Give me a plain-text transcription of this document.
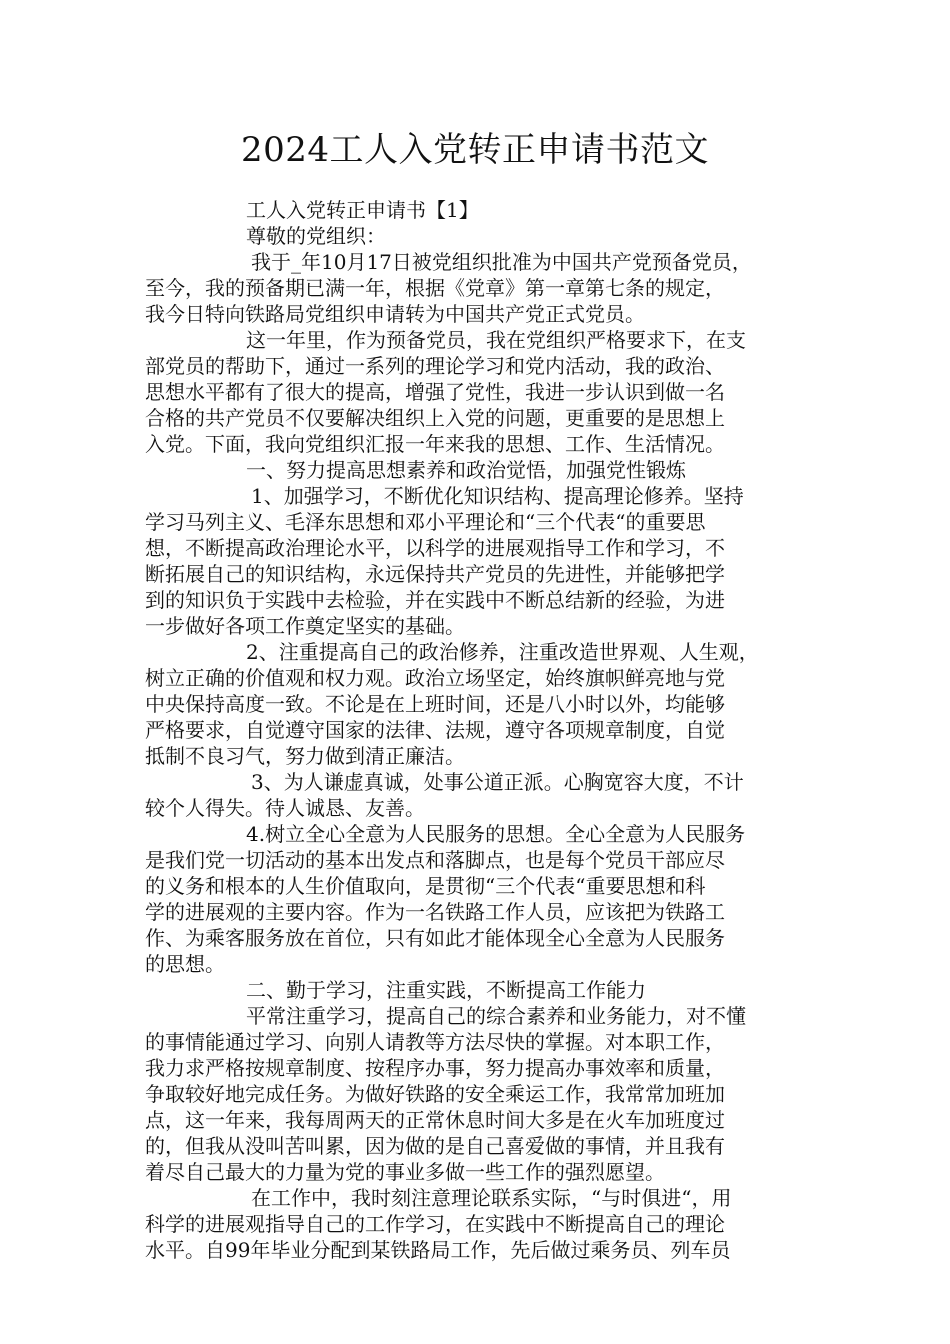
2024工人入党转正申请书范文
工人入党转正申请书【1】
尊敬的党组织：
我于_年10月17日被党组织批准为中国共产党预备党员，
至今，我的预备期已满一年，根据《党章》第一章第七条的规定，
我今日特向铁路局党组织申请转为中国共产党正式党员。
这一年里，作为预备党员，我在党组织严格要求下，在支
部党员的帮助下，通过一系列的理论学习和党内活动，我的政治、
思想水平都有了很大的提高，增强了党性，我进一步认识到做一名
合格的共产党员不仅要解决组织上入党的问题，更重要的是思想上
入党。下面，我向党组织汇报一年来我的思想、工作、生活情况。
一、努力提高思想素养和政治觉悟，加强党性锻炼
1、加强学习，不断优化知识结构、提高理论修养。坚持
学习马列主义、毛泽东思想和邓小平理论和“三个代表“的重要思
想，不断提高政治理论水平，以科学的进展观指导工作和学习，不
断拓展自己的知识结构，永远保持共产党员的先进性，并能够把学
到的知识负于实践中去检验，并在实践中不断总结新的经验，为进
一步做好各项工作奠定坚实的基础。
2、注重提高自己的政治修养，注重改造世界观、人生观，
树立正确的价值观和权力观。政治立场坚定，始终旗帜鲜亮地与党
中央保持高度一致。不论是在上班时间，还是八小时以外，均能够
严格要求，自觉遵守国家的法律、法规，遵守各项规章制度，自觉
抵制不良习气，努力做到清正廉洁。
3、为人谦虚真诚，处事公道正派。心胸宽容大度，不计
较个人得失。待人诚恳、友善。
4.树立全心全意为人民服务的思想。全心全意为人民服务
是我们党一切活动的基本出发点和落脚点，也是每个党员干部应尽
的义务和根本的人生价值取向，是贯彻“三个代表“重要思想和科
学的进展观的主要内容。作为一名铁路工作人员，应该把为铁路工
作、为乘客服务放在首位，只有如此才能体现全心全意为人民服务
的思想。
二、勤于学习，注重实践，不断提高工作能力
平常注重学习，提高自己的综合素养和业务能力，对不懂
的事情能通过学习、向别人请教等方法尽快的掌握。对本职工作，
我力求严格按规章制度、按程序办事，努力提高办事效率和质量，
争取较好地完成任务。为做好铁路的安全乘运工作，我常常加班加
点，这一年来，我每周两天的正常休息时间大多是在火车加班度过
的，但我从没叫苦叫累，因为做的是自己喜爱做的事情，并且我有
着尽自己最大的力量为党的事业多做一些工作的强烈愿望。
在工作中，我时刻注意理论联系实际，“与时俱进“，用
科学的进展观指导自己的工作学习，在实践中不断提高自己的理论
水平。自99年毕业分配到某铁路局工作，先后做过乘务员、列车员
